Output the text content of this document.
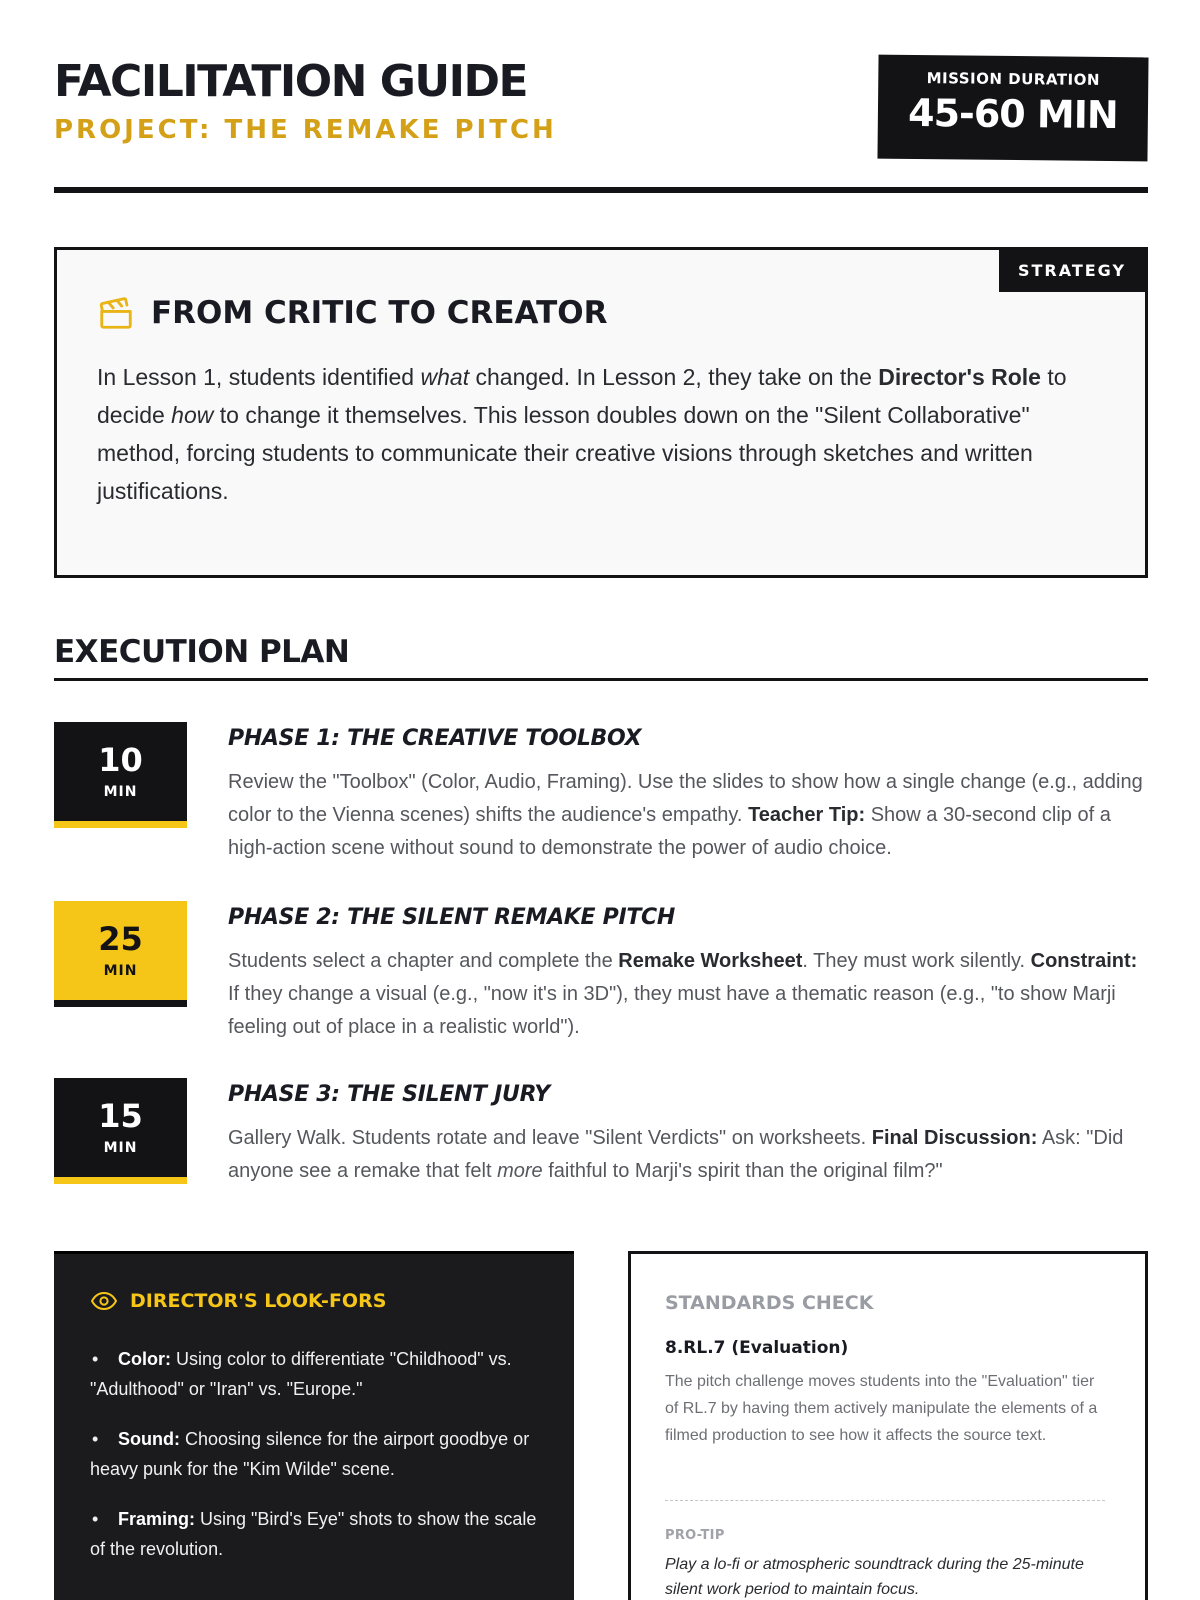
FACILITATION GUIDE
PROJECT: THE REMAKE PITCH
MISSION DURATION
45-60 MIN
STRATEGY
FROM CRITIC TO CREATOR
In Lesson 1, students identified what changed. In Lesson 2, they take on the Director's Role to decide how to change it themselves. This lesson doubles down on the "Silent Collaborative" method, forcing students to communicate their creative visions through sketches and written justifications.
EXECUTION PLAN
10
MIN
PHASE 1: THE CREATIVE TOOLBOX
Review the "Toolbox" (Color, Audio, Framing). Use the slides to show how a single change (e.g., adding color to the Vienna scenes) shifts the audience's empathy. Teacher Tip: Show a 30-second clip of a high-action scene without sound to demonstrate the power of audio choice.
25
MIN
PHASE 2: THE SILENT REMAKE PITCH
Students select a chapter and complete the Remake Worksheet. They must work silently. Constraint: If they change a visual (e.g., "now it's in 3D"), they must have a thematic reason (e.g., "to show Marji feeling out of place in a realistic world").
15
MIN
PHASE 3: THE SILENT JURY
Gallery Walk. Students rotate and leave "Silent Verdicts" on worksheets. Final Discussion: Ask: "Did anyone see a remake that felt more faithful to Marji's spirit than the original film?"
DIRECTOR'S LOOK-FORS
• Color: Using color to differentiate "Childhood" vs. "Adulthood" or "Iran" vs. "Europe."
• Sound: Choosing silence for the airport goodbye or heavy punk for the "Kim Wilde" scene.
• Framing: Using "Bird's Eye" shots to show the scale of the revolution.
STANDARDS CHECK
8.RL.7 (Evaluation)
The pitch challenge moves students into the "Evaluation" tier of RL.7 by having them actively manipulate the elements of a filmed production to see how it affects the source text.
PRO-TIP
Play a lo-fi or atmospheric soundtrack during the 25-minute silent work period to maintain focus.
